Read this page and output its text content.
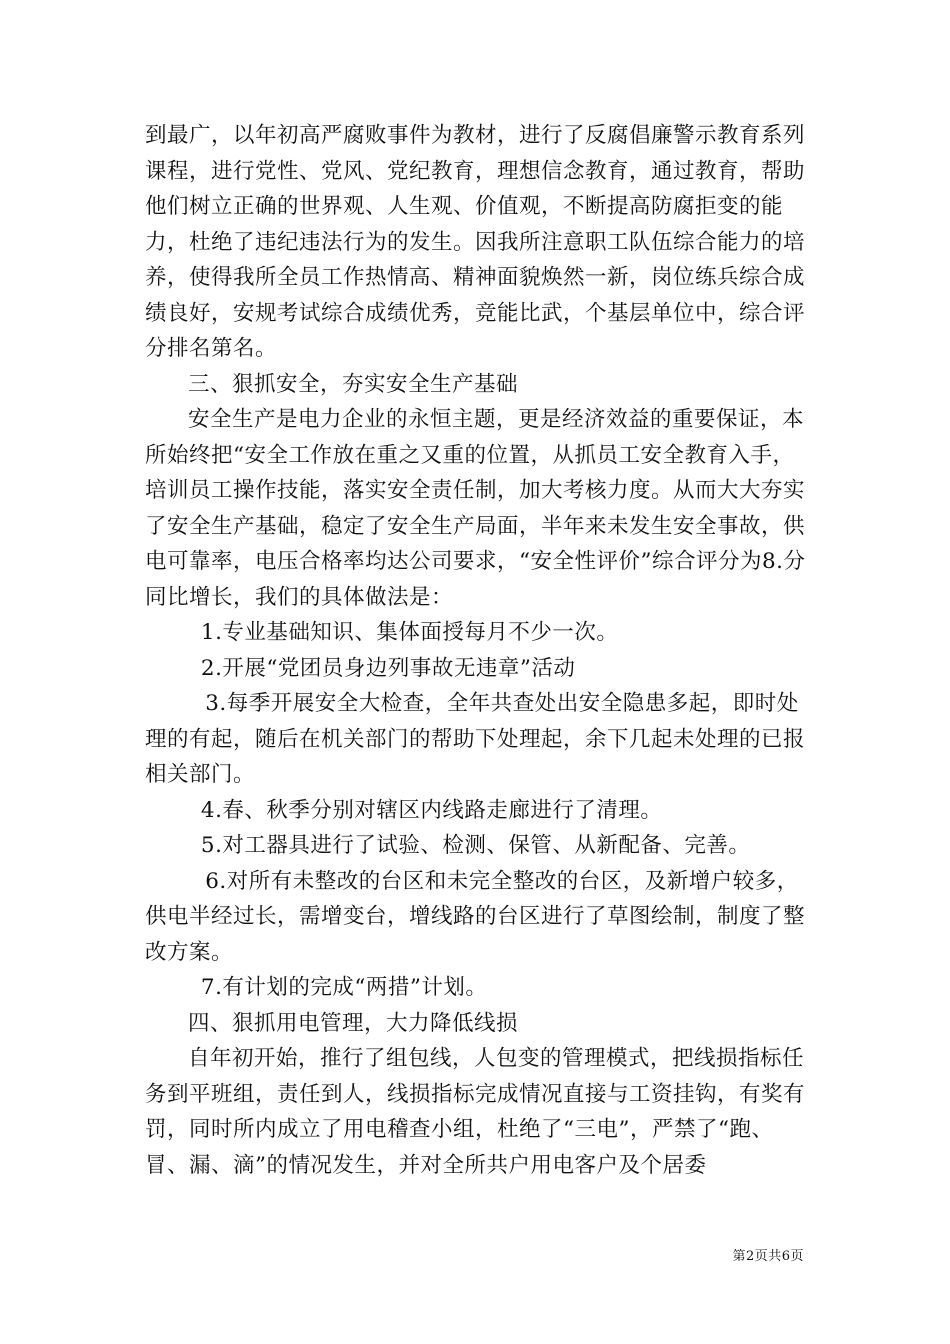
到最广，以年初高严腐败事件为教材，进行了反腐倡廉警示教育系列课程，进行党性、党风、党纪教育，理想信念教育，通过教育，帮助他们树立正确的世界观、人生观、价值观，不断提高防腐拒变的能力，杜绝了违纪违法行为的发生。因我所注意职工队伍综合能力的培养，使得我所全员工作热情高、精神面貌焕然一新，岗位练兵综合成绩良好，安规考试综合成绩优秀，竞能比武，个基层单位中，综合评分排名第名。

三、狠抓安全，夯实安全生产基础

安全生产是电力企业的永恒主题，更是经济效益的重要保证，本所始终把“安全工作放在重之又重的位置，从抓员工安全教育入手，培训员工操作技能，落实安全责任制，加大考核力度。从而大大夯实了安全生产基础，稳定了安全生产局面，半年来未发生安全事故，供电可靠率，电压合格率均达公司要求，“安全性评价”综合评分为8.分同比增长，我们的具体做法是：

1.专业基础知识、集体面授每月不少一次。

2.开展“党团员身边列事故无违章”活动

3.每季开展安全大检查，全年共查处出安全隐患多起，即时处理的有起，随后在机关部门的帮助下处理起，余下几起未处理的已报相关部门。

4.春、秋季分别对辖区内线路走廊进行了清理。

5.对工器具进行了试验、检测、保管、从新配备、完善。

6.对所有未整改的台区和未完全整改的台区，及新增户较多，供电半经过长，需增变台，增线路的台区进行了草图绘制，制度了整改方案。

7.有计划的完成“两措”计划。

四、狠抓用电管理，大力降低线损

自年初开始，推行了组包线，人包变的管理模式，把线损指标任务到平班组，责任到人，线损指标完成情况直接与工资挂钩，有奖有罚，同时所内成立了用电稽查小组，杜绝了“三电”，严禁了“跑、冒、漏、滴”的情况发生，并对全所共户用电客户及个居委

第2页共6页
